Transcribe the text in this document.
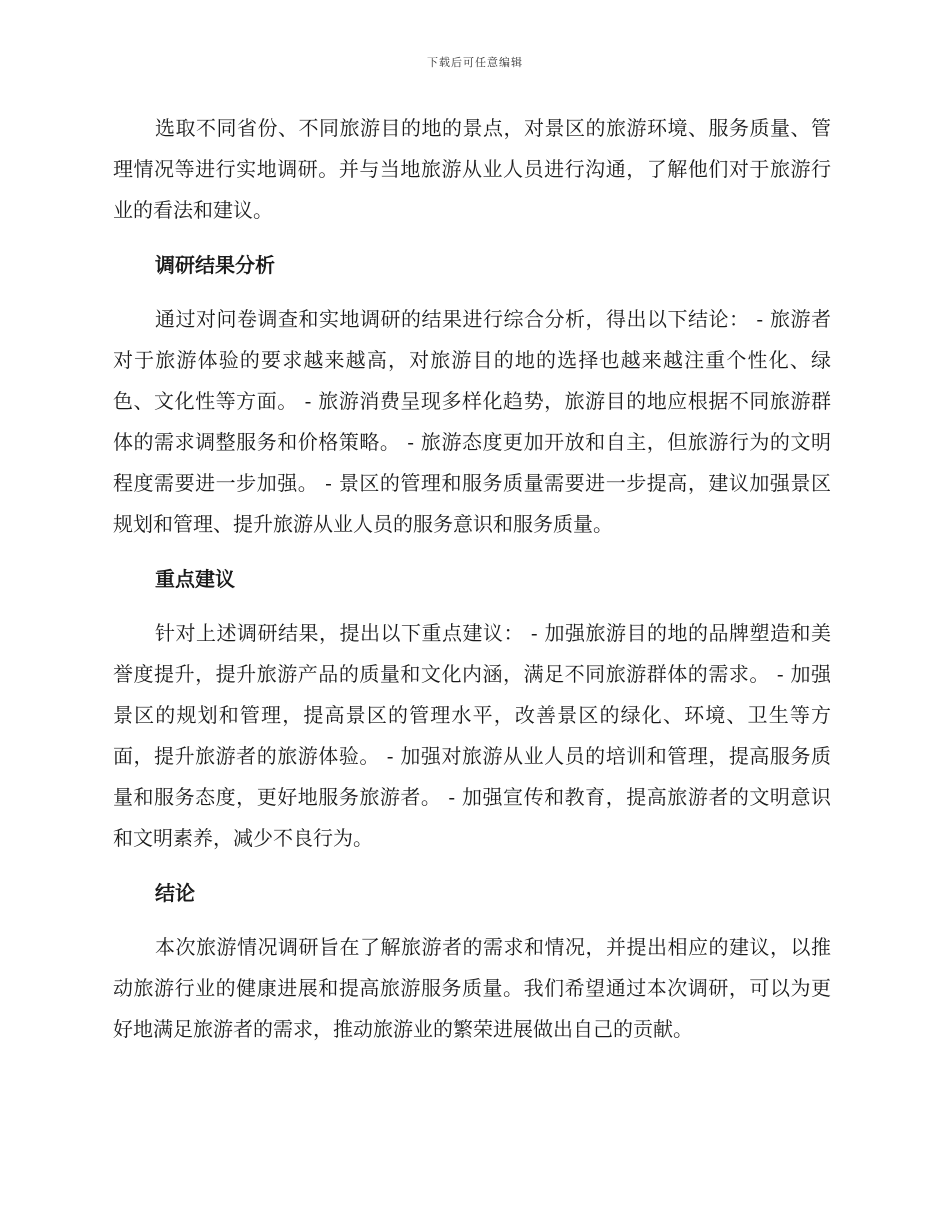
下载后可任意编辑

选取不同省份、不同旅游目的地的景点，对景区的旅游环境、服务质量、管理情况等进行实地调研。并与当地旅游从业人员进行沟通，了解他们对于旅游行业的看法和建议。

调研结果分析

通过对问卷调查和实地调研的结果进行综合分析，得出以下结论： - 旅游者对于旅游体验的要求越来越高，对旅游目的地的选择也越来越注重个性化、绿色、文化性等方面。 - 旅游消费呈现多样化趋势，旅游目的地应根据不同旅游群体的需求调整服务和价格策略。 - 旅游态度更加开放和自主，但旅游行为的文明程度需要进一步加强。 - 景区的管理和服务质量需要进一步提高，建议加强景区规划和管理、提升旅游从业人员的服务意识和服务质量。

重点建议

针对上述调研结果，提出以下重点建议： - 加强旅游目的地的品牌塑造和美誉度提升，提升旅游产品的质量和文化内涵，满足不同旅游群体的需求。 - 加强景区的规划和管理，提高景区的管理水平，改善景区的绿化、环境、卫生等方面，提升旅游者的旅游体验。 - 加强对旅游从业人员的培训和管理，提高服务质量和服务态度，更好地服务旅游者。 - 加强宣传和教育，提高旅游者的文明意识和文明素养，减少不良行为。

结论

本次旅游情况调研旨在了解旅游者的需求和情况，并提出相应的建议，以推动旅游行业的健康进展和提高旅游服务质量。我们希望通过本次调研，可以为更好地满足旅游者的需求，推动旅游业的繁荣进展做出自己的贡献。
